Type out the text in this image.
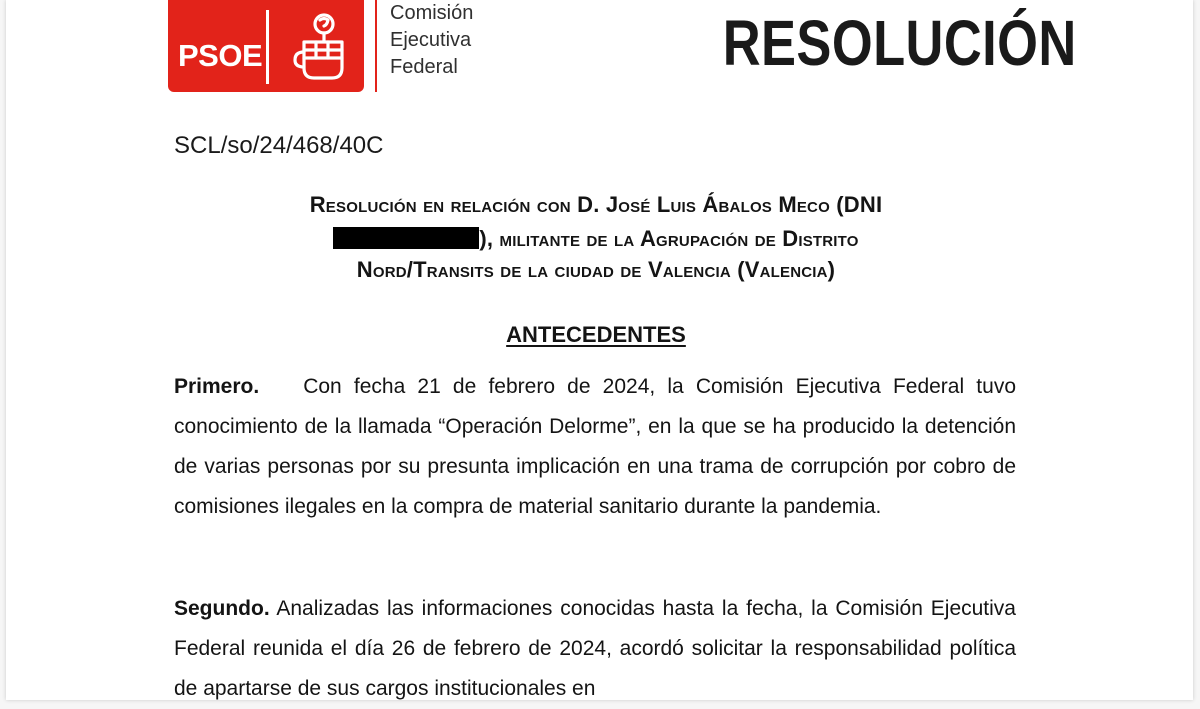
PSOE
Comisión
Ejecutiva
Federal	RESOLUCIÓN
SCL/so/24/468/40C
Resolución en relación con D. José Luis Ábalos Meco (DNI
), militante de la Agrupación de Distrito
Nord/Transits de la ciudad de Valencia (Valencia)
ANTECEDENTES
Primero. Con fecha 21 de febrero de 2024, la Comisión Ejecutiva Federal tuvo conocimiento de la llamada “Operación Delorme”, en la que se ha producido la detención de varias personas por su presunta implicación en una trama de corrupción por cobro de comisiones ilegales en la compra de material sanitario durante la pandemia.
Segundo. Analizadas las informaciones conocidas hasta la fecha, la Comisión Ejecutiva Federal reunida el día 26 de febrero de 2024, acordó solicitar la responsabilidad política de apartarse de sus cargos institucionales en
